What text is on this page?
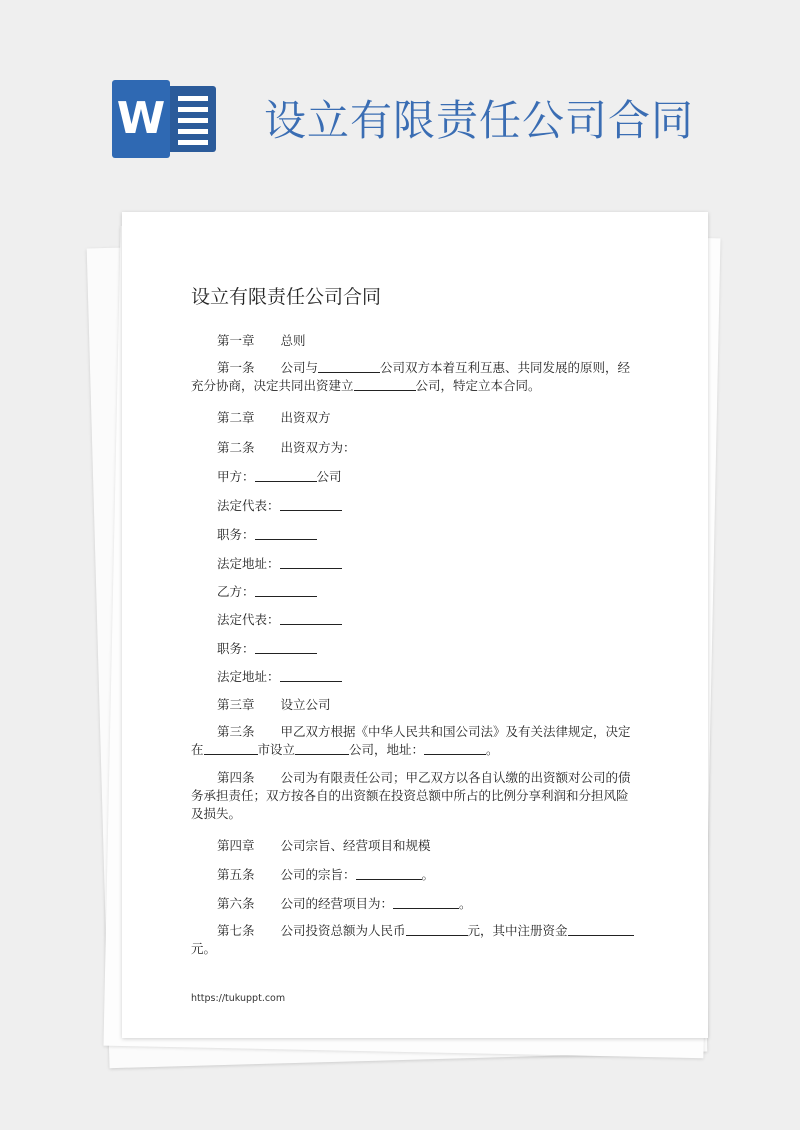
W 设立有限责任公司合同
设立有限责任公司合同
第一章 总则
第一条 公司与	公司双方本着互利互惠、共同发展的原则，经充分协商，决定共同出资建立	公司，特定立本合同。
第二章 出资双方
第二条 出资双方为：
甲方：	公司
法定代表：
职务：
法定地址：
乙方：
法定代表：
职务：
法定地址：
第三章 设立公司
第三条 甲乙双方根据《中华人民共和国公司法》及有关法律规定，决定在	市设立	公司，地址：	。
第四条 公司为有限责任公司；甲乙双方以各自认缴的出资额对公司的债务承担责任；双方按各自的出资额在投资总额中所占的比例分享利润和分担风险及损失。
第四章 公司宗旨、经营项目和规模
第五条 公司的宗旨：	。
第六条 公司的经营项目为：	。
第七条 公司投资总额为人民币	元，其中注册资金元。
https://tukuppt.com
